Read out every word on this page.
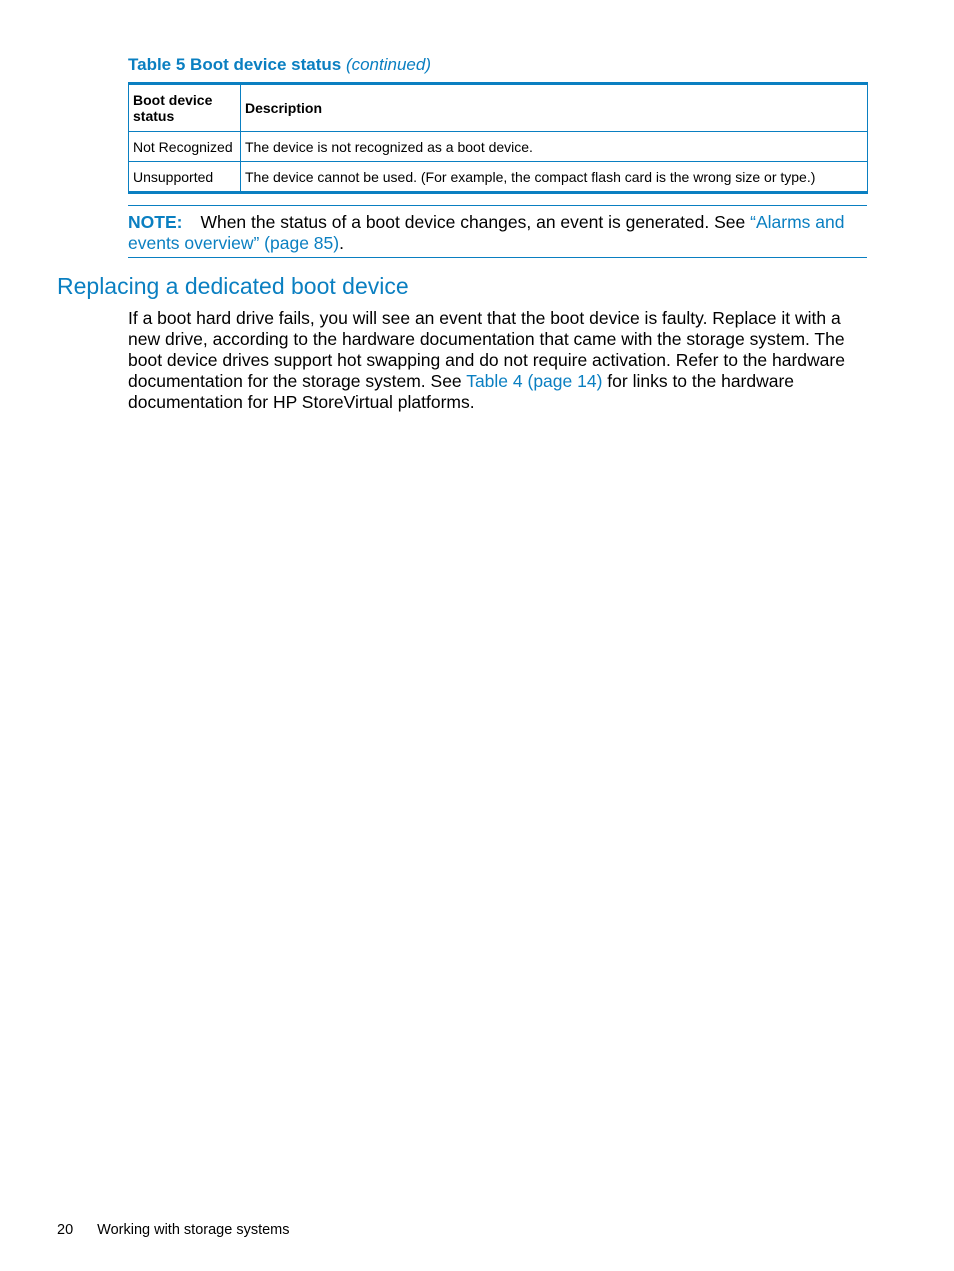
Table 5 Boot device status (continued)
Boot device status	Description
Not Recognized	The device is not recognized as a boot device.
Unsupported	The device cannot be used. (For example, the compact flash card is the wrong size or type.)
NOTE: When the status of a boot device changes, an event is generated. See “Alarms and events overview” (page 85).
Replacing a dedicated boot device
If a boot hard drive fails, you will see an event that the boot device is faulty. Replace it with a new drive, according to the hardware documentation that came with the storage system. The boot device drives support hot swapping and do not require activation. Refer to the hardware documentation for the storage system. See Table 4 (page 14) for links to the hardware documentation for HP StoreVirtual platforms.
20 Working with storage systems
